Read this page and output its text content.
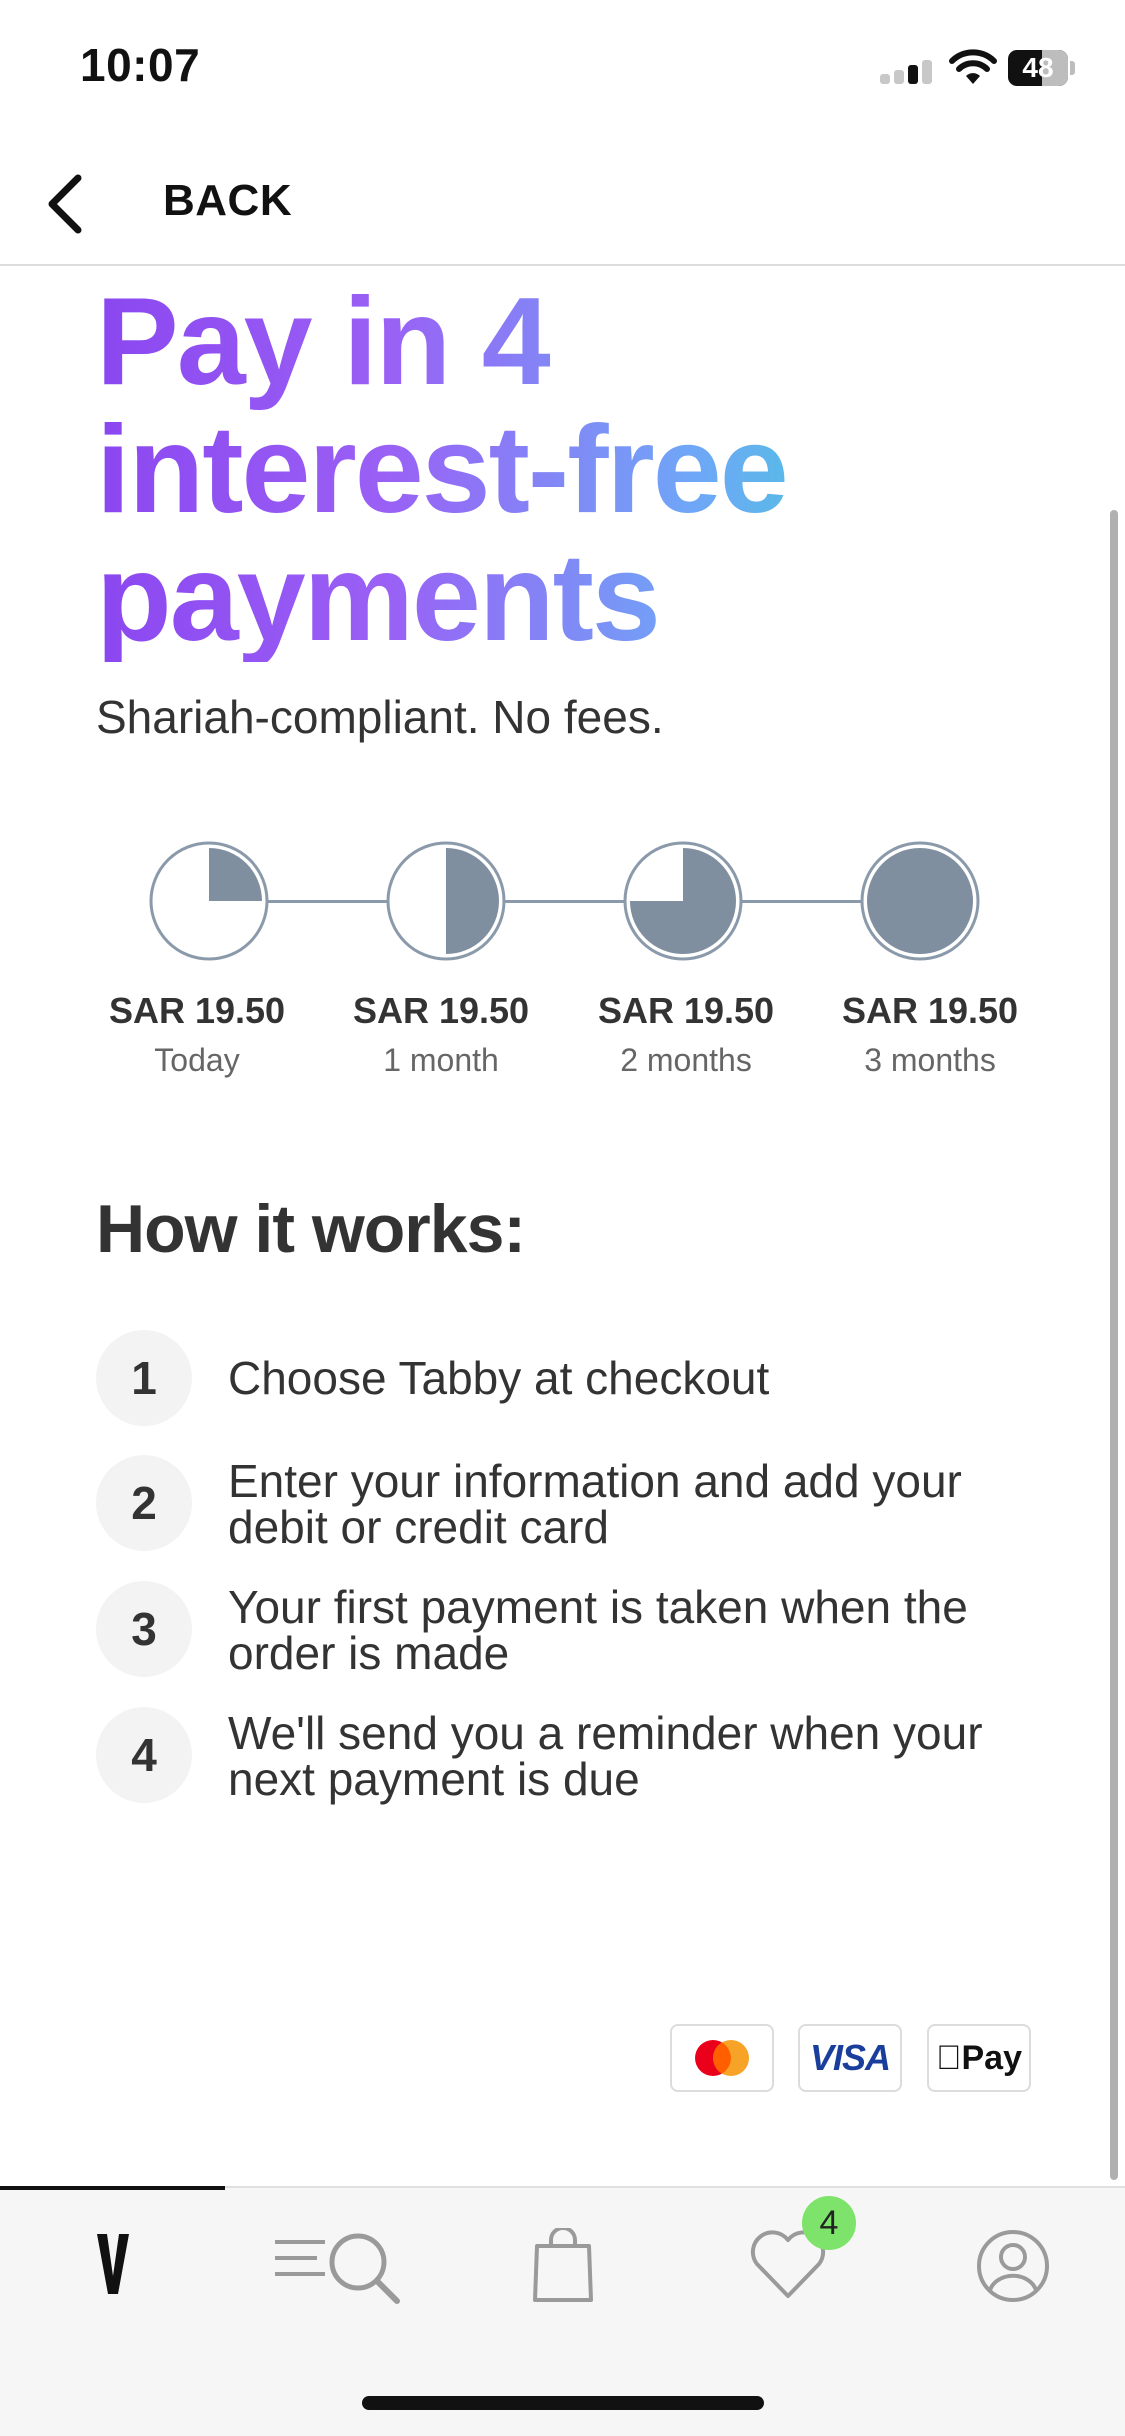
10:07	48
BACK
Pay in 4
interest-free
payments
Shariah-compliant. No fees.
SAR 19.50
Today
SAR 19.50
1 month
SAR 19.50
2 months
SAR 19.50
3 months
How it works:
1	Choose Tabby at checkout
2	Enter your information and add your
debit or credit card
3	Your first payment is taken when the
order is made
4	We'll send you a reminder when your
next payment is due
VISA	Pay
4
